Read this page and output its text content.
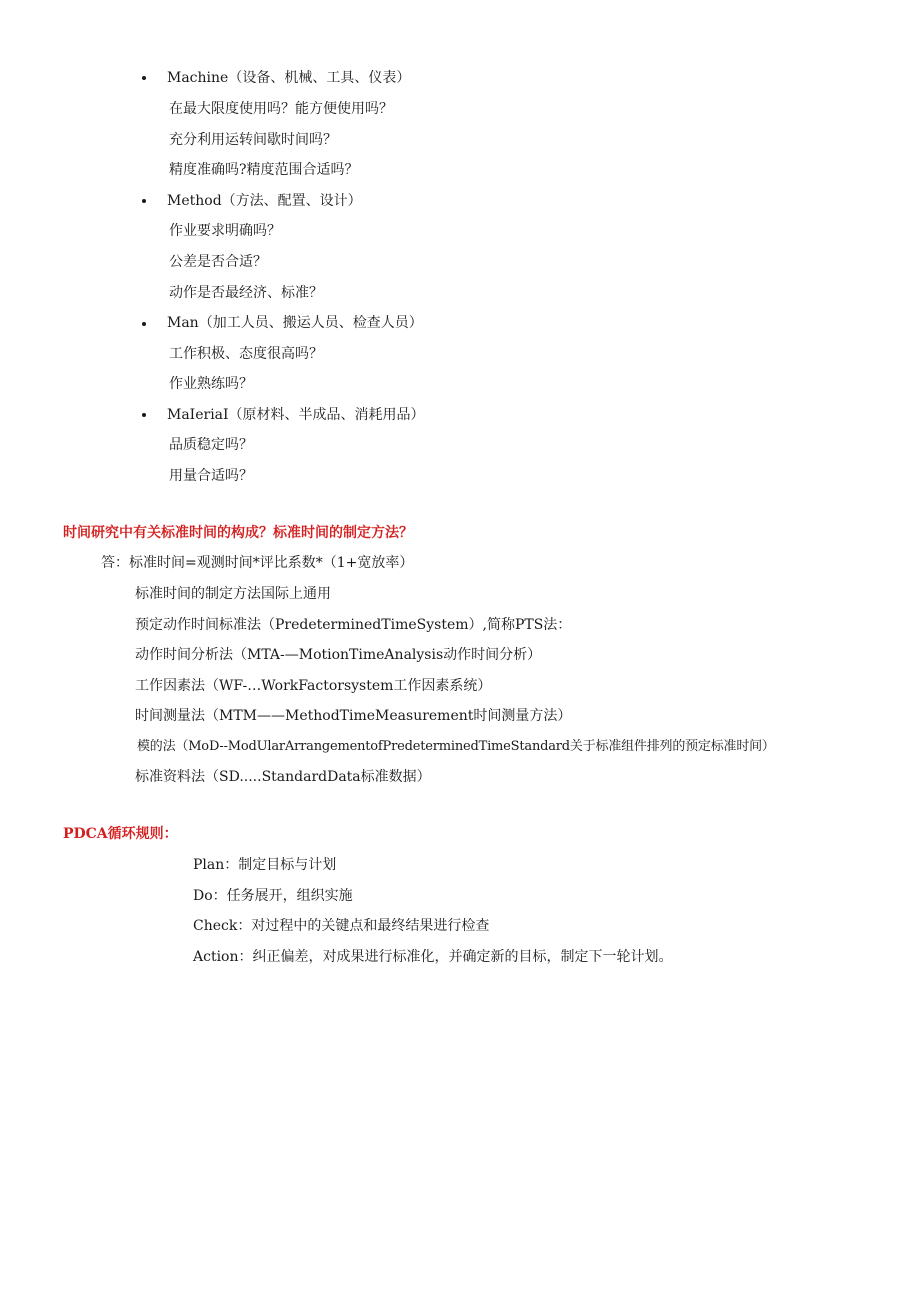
Machine（设备、机械、工具、仪表）
在最大限度使用吗？能方便使用吗？
充分利用运转间歇时间吗？
精度准确吗?精度范围合适吗？
Method（方法、配置、设计）
作业要求明确吗？
公差是否合适？
动作是否最经济、标准？
Man（加工人员、搬运人员、检查人员）
工作积极、态度很高吗？
作业熟练吗？
MaIeriaI（原材料、半成品、消耗用品）
品质稳定吗？
用量合适吗？
时间研究中有关标准时间的构成？标准时间的制定方法？
答：标准时间=观测时间*评比系数*（1+宽放率）
标准时间的制定方法国际上通用
预定动作时间标准法（PredeterminedTimeSystem）,简称PTS法：
动作时间分析法（MTA-—MotionTimeAnalysis动作时间分析）
工作因素法（WF-…WorkFactorsystem工作因素系统）
时间测量法（MTM——MethodTimeMeasurement时间测量方法）
模的法（MoD--ModUlarArrangementofPredeterminedTimeStandard关于标准组件排列的预定标准时间）
标准资料法（SD.....StandardData标准数据）
PDCA循环规则：
Plan：制定目标与计划
Do：任务展开，组织实施
Check：对过程中的关键点和最终结果进行检查
Action：纠正偏差，对成果进行标准化，并确定新的目标，制定下一轮计划。
